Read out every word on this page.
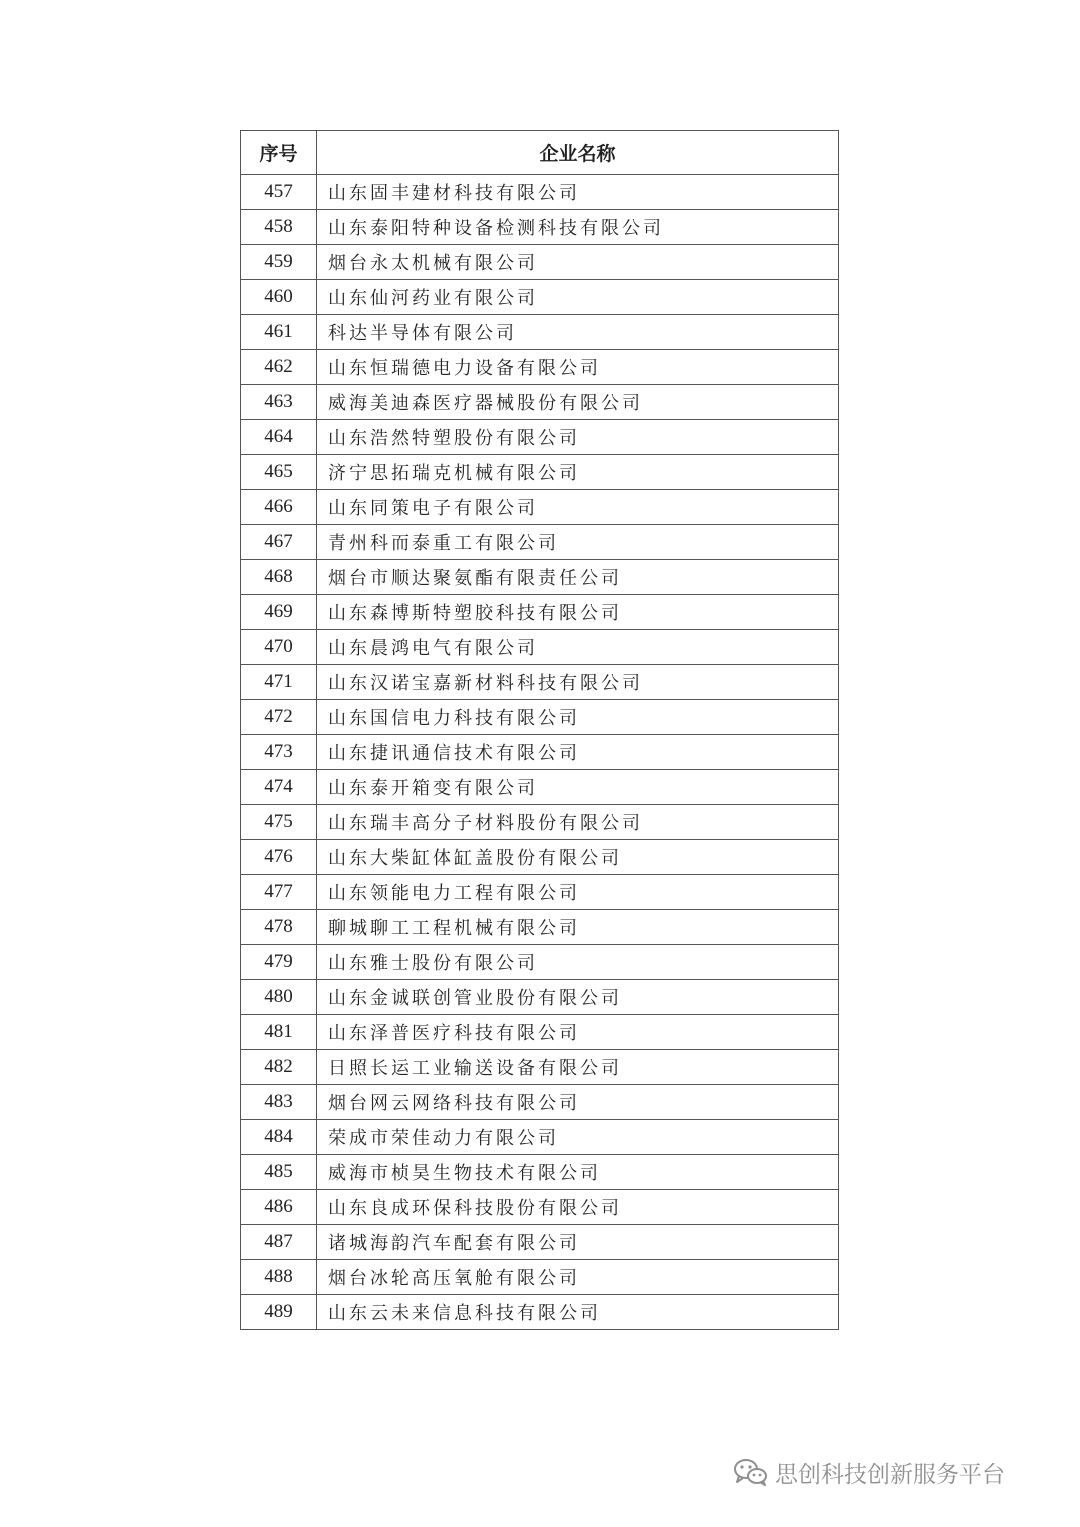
序号	企业名称
457	山东固丰建材科技有限公司
458	山东泰阳特种设备检测科技有限公司
459	烟台永太机械有限公司
460	山东仙河药业有限公司
461	科达半导体有限公司
462	山东恒瑞德电力设备有限公司
463	威海美迪森医疗器械股份有限公司
464	山东浩然特塑股份有限公司
465	济宁思拓瑞克机械有限公司
466	山东同策电子有限公司
467	青州科而泰重工有限公司
468	烟台市顺达聚氨酯有限责任公司
469	山东森博斯特塑胶科技有限公司
470	山东晨鸿电气有限公司
471	山东汉诺宝嘉新材料科技有限公司
472	山东国信电力科技有限公司
473	山东捷讯通信技术有限公司
474	山东泰开箱变有限公司
475	山东瑞丰高分子材料股份有限公司
476	山东大柴缸体缸盖股份有限公司
477	山东领能电力工程有限公司
478	聊城聊工工程机械有限公司
479	山东雅士股份有限公司
480	山东金诚联创管业股份有限公司
481	山东泽普医疗科技有限公司
482	日照长运工业输送设备有限公司
483	烟台网云网络科技有限公司
484	荣成市荣佳动力有限公司
485	威海市桢昊生物技术有限公司
486	山东良成环保科技股份有限公司
487	诸城海韵汽车配套有限公司
488	烟台冰轮高压氧舱有限公司
489	山东云未来信息科技有限公司
思创科技创新服务平台
